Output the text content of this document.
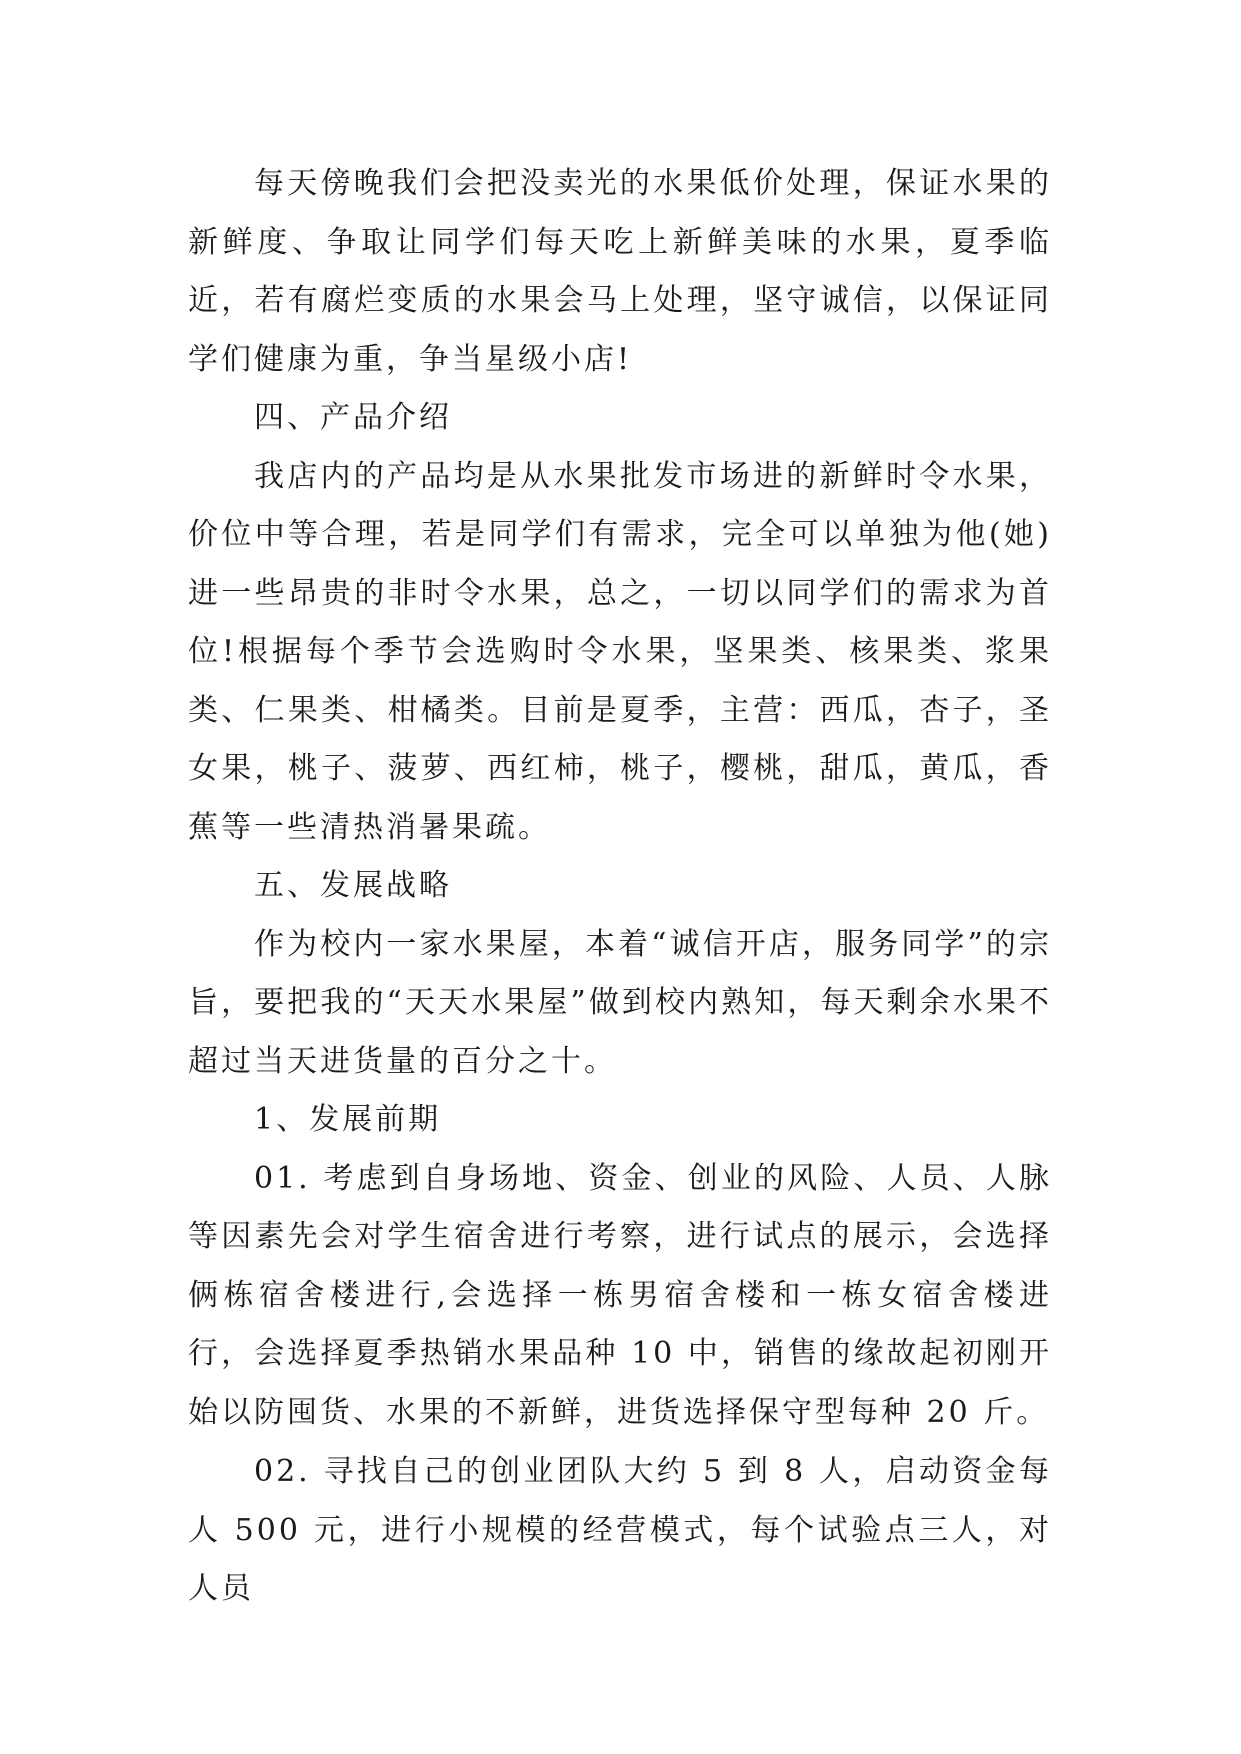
每天傍晚我们会把没卖光的水果低价处理，保证水果的新鲜度、争取让同学们每天吃上新鲜美味的水果，夏季临近，若有腐烂变质的水果会马上处理，坚守诚信，以保证同学们健康为重，争当星级小店!

四、产品介绍

我店内的产品均是从水果批发市场进的新鲜时令水果，价位中等合理，若是同学们有需求，完全可以单独为他(她)进一些昂贵的非时令水果，总之，一切以同学们的需求为首位!根据每个季节会选购时令水果，坚果类、核果类、浆果类、仁果类、柑橘类。目前是夏季，主营：西瓜，杏子，圣女果，桃子、菠萝、西红柿，桃子，樱桃，甜瓜，黄瓜，香蕉等一些清热消暑果疏。

五、发展战略

作为校内一家水果屋，本着“诚信开店，服务同学”的宗旨，要把我的“天天水果屋”做到校内熟知，每天剩余水果不超过当天进货量的百分之十。

1、发展前期

01. 考虑到自身场地、资金、创业的风险、人员、人脉等因素先会对学生宿舍进行考察，进行试点的展示，会选择俩栋宿舍楼进行,会选择一栋男宿舍楼和一栋女宿舍楼进行，会选择夏季热销水果品种 10 中，销售的缘故起初刚开始以防囤货、水果的不新鲜，进货选择保守型每种 20 斤。

02. 寻找自己的创业团队大约 5 到 8 人，启动资金每人 500 元，进行小规模的经营模式，每个试验点三人，对人员
